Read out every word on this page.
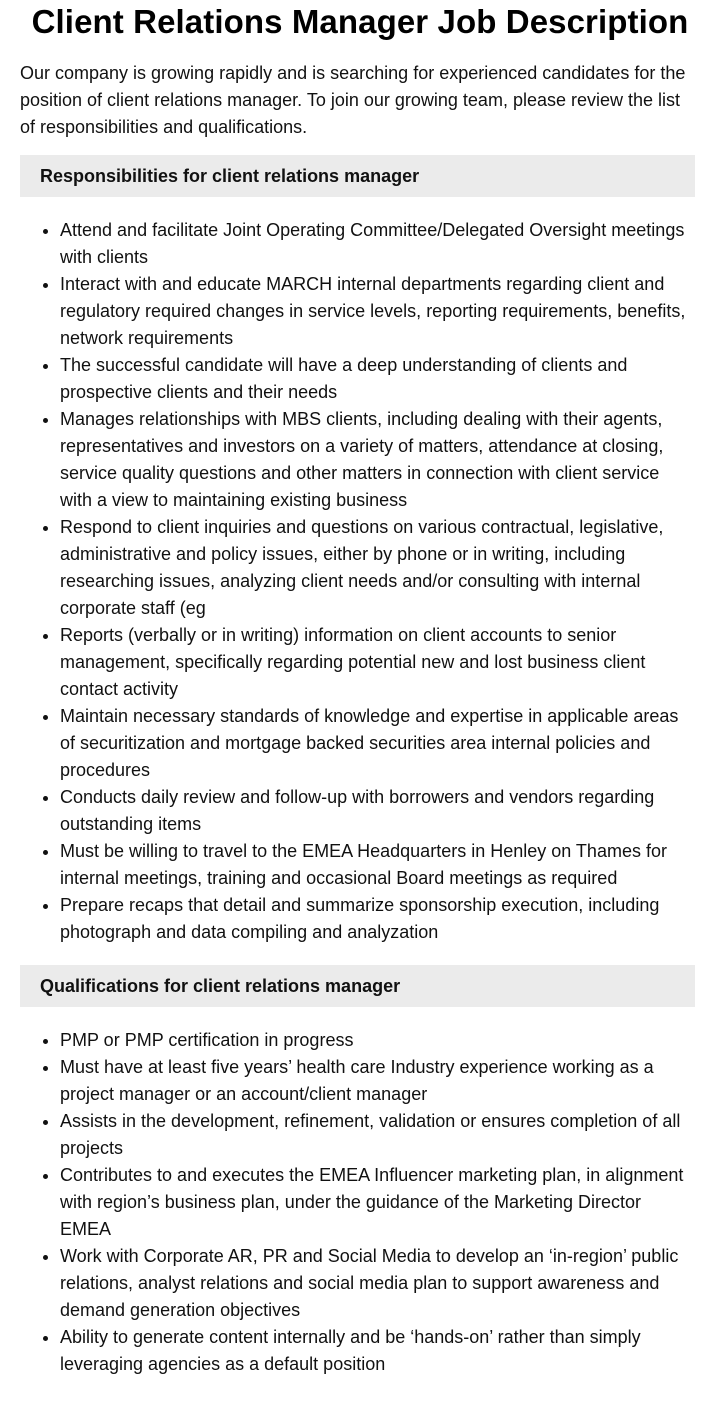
Client Relations Manager Job Description

Our company is growing rapidly and is searching for experienced candidates for the position of client relations manager. To join our growing team, please review the list of responsibilities and qualifications.

Responsibilities for client relations manager
• Attend and facilitate Joint Operating Committee/Delegated Oversight meetings with clients
• Interact with and educate MARCH internal departments regarding client and regulatory required changes in service levels, reporting requirements, benefits, network requirements
• The successful candidate will have a deep understanding of clients and prospective clients and their needs
• Manages relationships with MBS clients, including dealing with their agents, representatives and investors on a variety of matters, attendance at closing, service quality questions and other matters in connection with client service with a view to maintaining existing business
• Respond to client inquiries and questions on various contractual, legislative, administrative and policy issues, either by phone or in writing, including researching issues, analyzing client needs and/or consulting with internal corporate staff (eg
• Reports (verbally or in writing) information on client accounts to senior management, specifically regarding potential new and lost business client contact activity
• Maintain necessary standards of knowledge and expertise in applicable areas of securitization and mortgage backed securities area internal policies and procedures
• Conducts daily review and follow-up with borrowers and vendors regarding outstanding items
• Must be willing to travel to the EMEA Headquarters in Henley on Thames for internal meetings, training and occasional Board meetings as required
• Prepare recaps that detail and summarize sponsorship execution, including photograph and data compiling and analyzation
Qualifications for client relations manager
• PMP or PMP certification in progress
• Must have at least five years’ health care Industry experience working as a project manager or an account/client manager
• Assists in the development, refinement, validation or ensures completion of all projects
• Contributes to and executes the EMEA Influencer marketing plan, in alignment with region’s business plan, under the guidance of the Marketing Director EMEA
• Work with Corporate AR, PR and Social Media to develop an ‘in-region’ public relations, analyst relations and social media plan to support awareness and demand generation objectives
• Ability to generate content internally and be ‘hands-on’ rather than simply leveraging agencies as a default position
